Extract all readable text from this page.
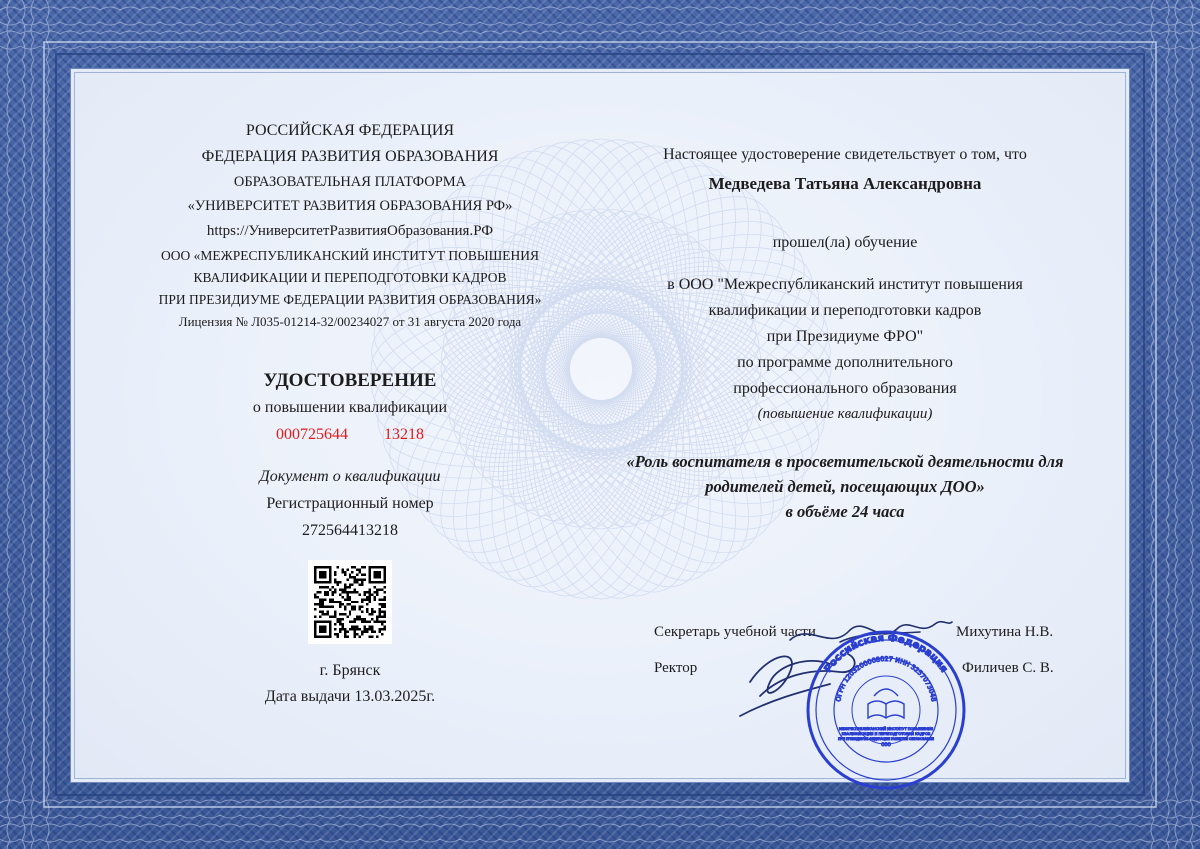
РОССИЙСКАЯ ФЕДЕРАЦИЯ
ФЕДЕРАЦИЯ РАЗВИТИЯ ОБРАЗОВАНИЯ
ОБРАЗОВАТЕЛЬНАЯ ПЛАТФОРМА
«УНИВЕРСИТЕТ РАЗВИТИЯ ОБРАЗОВАНИЯ РФ»
https://УниверситетРазвитияОбразования.РФ
ООО «МЕЖРЕСПУБЛИКАНСКИЙ ИНСТИТУТ ПОВЫШЕНИЯ
КВАЛИФИКАЦИИ И ПЕРЕПОДГОТОВКИ КАДРОВ
ПРИ ПРЕЗИДИУМЕ ФЕДЕРАЦИИ РАЗВИТИЯ ОБРАЗОВАНИЯ»
Лицензия № Л035-01214-32/00234027 от 31 августа 2020 года
УДОСТОВЕРЕНИЕ
о повышении квалификации
000725644 13218
Документ о квалификации
Регистрационный номер
272564413218
г. Брянск
Дата выдачи 13.03.2025г.
Настоящее удостоверение свидетельствует о том, что
Медведева Татьяна Александровна
прошел(ла) обучение
в ООО "Межреспубликанский институт повышения
квалификации и переподготовки кадров
при Президиуме ФРО"
по программе дополнительного
профессионального образования
(повышение квалификации)
«Роль воспитателя в просветительской деятельности для
родителей детей, посещающих ДОО»
в объёме 24 часа
Секретарь учебной части	Михутина Н.В.
Ректор	Филичев С. В.
Российская Федерация
ОГРН 1203200008027 ИНН 3257073048
МЕЖРЕСПУБЛИКАНСКИЙ ИНСТИТУТ ПОВЫШЕНИЯ
КВАЛИФИКАЦИИ И ПЕРЕПОДГОТОВКИ КАДРОВ
ПРИ ПРЕЗИДИУМЕ ФЕДЕРАЦИИ РАЗВИТИЯ ОБРАЗОВАНИЯ
ООО
